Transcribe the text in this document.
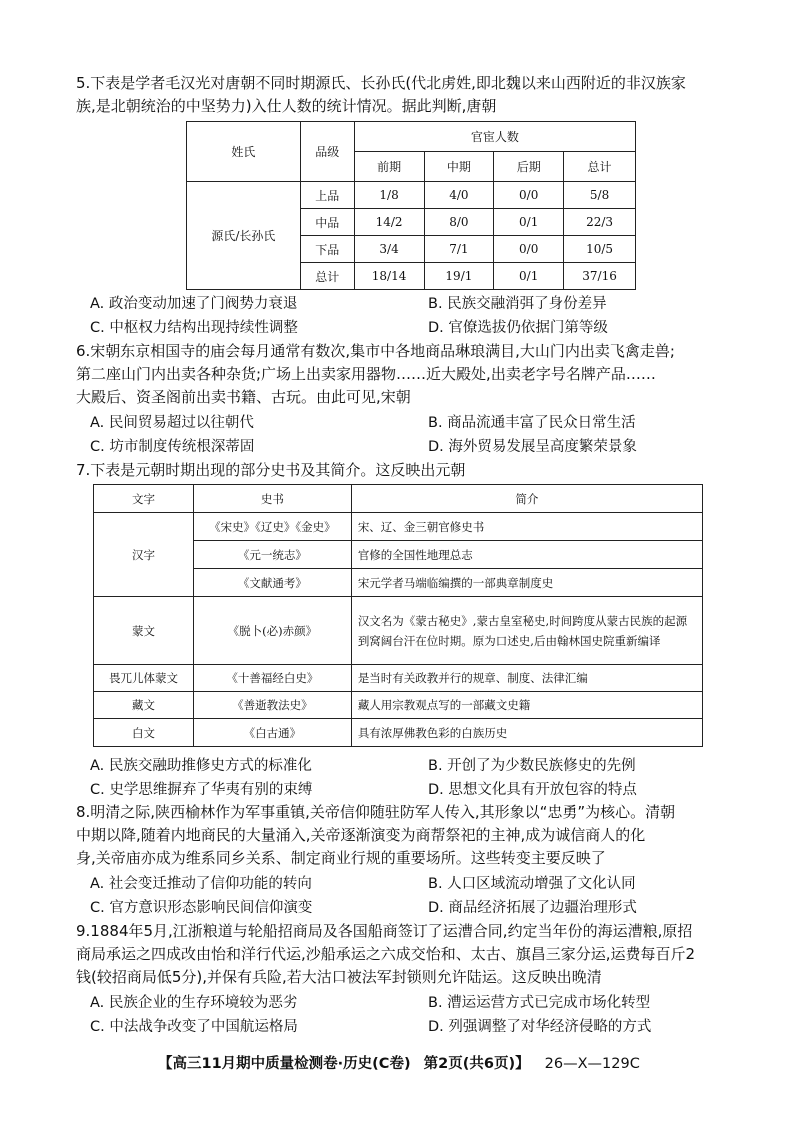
5.下表是学者毛汉光对唐朝不同时期源氏、长孙氏(代北虏姓,即北魏以来山西附近的非汉族家
族,是北朝统治的中坚势力)入仕人数的统计情况。据此判断,唐朝
姓氏	品级	官宦人数			
		前期	中期	后期	总计
源氏/长孙氏	上品	1/8	4/0	0/0	5/8
	中品	14/2	8/0	0/1	22/3
	下品	3/4	7/1	0/0	10/5
	总计	18/14	19/1	0/1	37/16
A. 政治变动加速了门阀势力衰退	B. 民族交融消弭了身份差异
C. 中枢权力结构出现持续性调整	D. 官僚选拔仍依据门第等级
6.宋朝东京相国寺的庙会每月通常有数次,集市中各地商品琳琅满目,大山门内出卖飞禽走兽;
第二座山门内出卖各种杂货;广场上出卖家用器物……近大殿处,出卖老字号名牌产品……
大殿后、资圣阁前出卖书籍、古玩。由此可见,宋朝
A. 民间贸易超过以往朝代	B. 商品流通丰富了民众日常生活
C. 坊市制度传统根深蒂固	D. 海外贸易发展呈高度繁荣景象
7.下表是元朝时期出现的部分史书及其简介。这反映出元朝
文字	史书	简介
汉字	《宋史》《辽史》《金史》	宋、辽、金三朝官修史书
	《元一统志》	官修的全国性地理总志
	《文献通考》	宋元学者马端临编撰的一部典章制度史
蒙文	《脱卜(必)赤颜》	汉文名为《蒙古秘史》,蒙古皇室秘史,时间跨度从蒙古民族的起源到窝阔台汗在位时期。原为口述史,后由翰林国史院重新编译
畏兀儿体蒙文	《十善福经白史》	是当时有关政教并行的规章、制度、法律汇编
藏文	《善逝教法史》	藏人用宗教观点写的一部藏文史籍
白文	《白古通》	具有浓厚佛教色彩的白族历史
A. 民族交融助推修史方式的标准化	B. 开创了为少数民族修史的先例
C. 史学思维摒弃了华夷有别的束缚	D. 思想文化具有开放包容的特点
8.明清之际,陕西榆林作为军事重镇,关帝信仰随驻防军人传入,其形象以“忠勇”为核心。清朝
中期以降,随着内地商民的大量涌入,关帝逐渐演变为商帮祭祀的主神,成为诚信商人的化
身,关帝庙亦成为维系同乡关系、制定商业行规的重要场所。这些转变主要反映了
A. 社会变迁推动了信仰功能的转向	B. 人口区域流动增强了文化认同
C. 官方意识形态影响民间信仰演变	D. 商品经济拓展了边疆治理形式
9.1884年5月,江浙粮道与轮船招商局及各国船商签订了运漕合同,约定当年份的海运漕粮,原招
商局承运之四成改由怡和洋行代运,沙船承运之六成交怡和、太古、旗昌三家分运,运费每百斤2
钱(较招商局低5分),并保有兵险,若大沽口被法军封锁则允许陆运。这反映出晚清
A. 民族企业的生存环境较为恶劣	B. 漕运运营方式已完成市场化转型
C. 中法战争改变了中国航运格局	D. 列强调整了对华经济侵略的方式
【高三11月期中质量检测卷·历史(C卷) 第2页(共6页)】 26—X—129C
